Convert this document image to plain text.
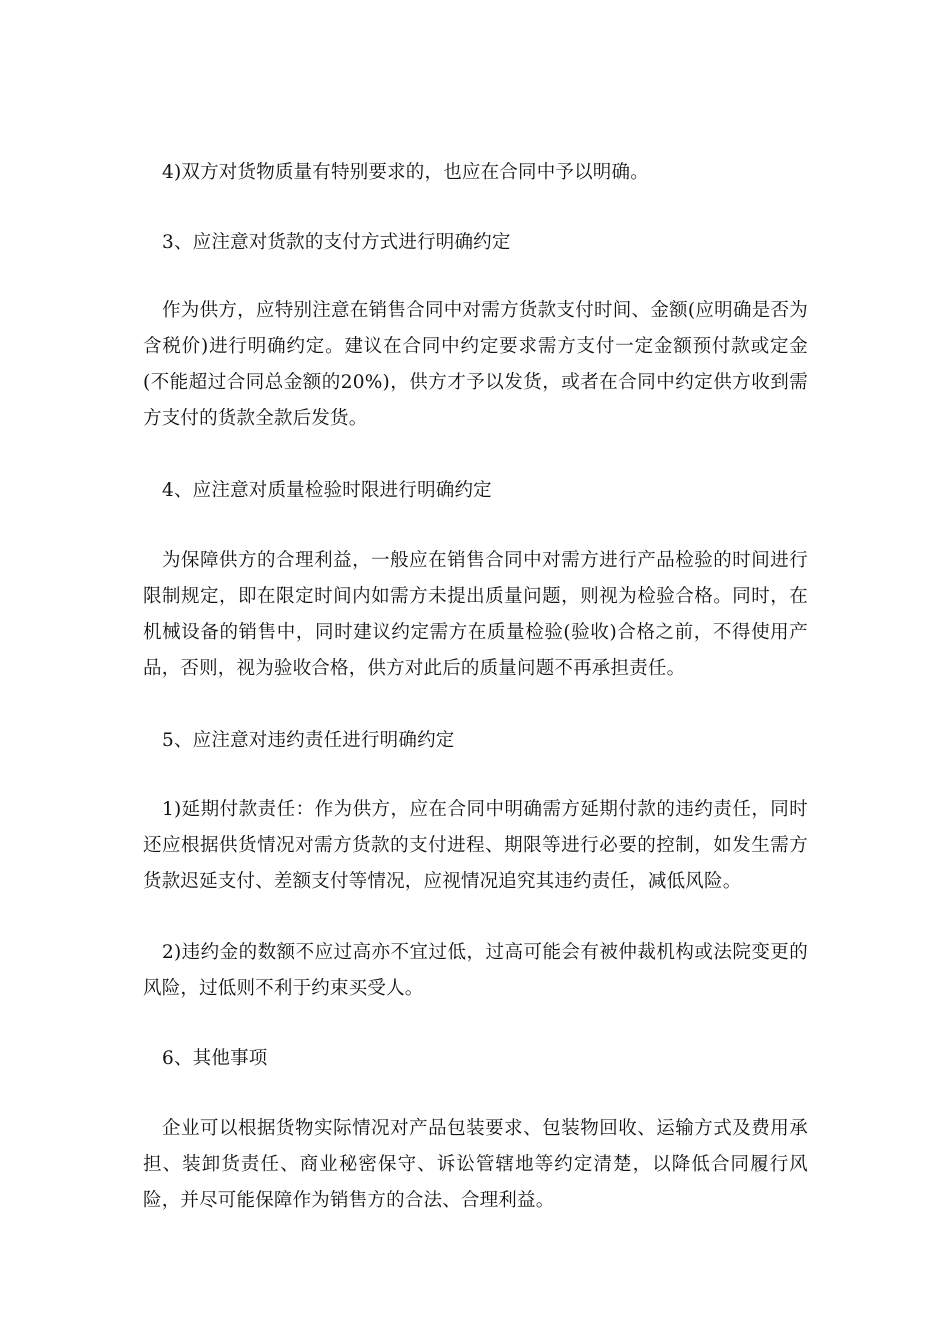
4)双方对货物质量有特别要求的，也应在合同中予以明确。

3、应注意对货款的支付方式进行明确约定

作为供方，应特别注意在销售合同中对需方货款支付时间、金额(应明确是否为含税价)进行明确约定。建议在合同中约定要求需方支付一定金额预付款或定金(不能超过合同总金额的20%)，供方才予以发货，或者在合同中约定供方收到需方支付的货款全款后发货。

4、应注意对质量检验时限进行明确约定

为保障供方的合理利益，一般应在销售合同中对需方进行产品检验的时间进行限制规定，即在限定时间内如需方未提出质量问题，则视为检验合格。同时，在机械设备的销售中，同时建议约定需方在质量检验(验收)合格之前，不得使用产品，否则，视为验收合格，供方对此后的质量问题不再承担责任。

5、应注意对违约责任进行明确约定

1)延期付款责任：作为供方，应在合同中明确需方延期付款的违约责任，同时还应根据供货情况对需方货款的支付进程、期限等进行必要的控制，如发生需方货款迟延支付、差额支付等情况，应视情况追究其违约责任，减低风险。

2)违约金的数额不应过高亦不宜过低，过高可能会有被仲裁机构或法院变更的风险，过低则不利于约束买受人。

6、其他事项

企业可以根据货物实际情况对产品包装要求、包装物回收、运输方式及费用承担、装卸货责任、商业秘密保守、诉讼管辖地等约定清楚，以降低合同履行风险，并尽可能保障作为销售方的合法、合理利益。
